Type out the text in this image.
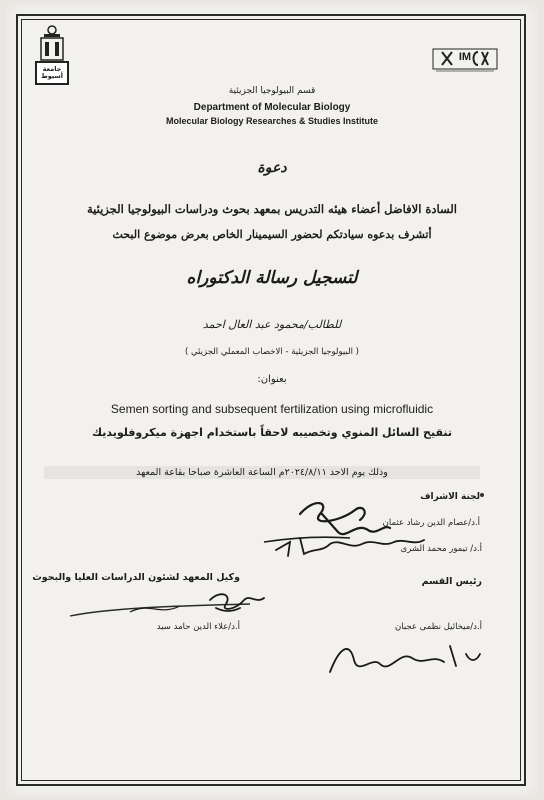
جامعة أسيوط
IM
قسم البيولوجيا الجزيئية
Department of Molecular Biology
Molecular Biology Researches & Studies Institute
دعوة
السادة الافاضل أعضاء هيئه التدريس بمعهد بحوث ودراسات البيولوجيا الجزيئية
أتشرف بدعوه سيادتكم لحضور السيمينار الخاص بعرض موضوع البحث
لتسجيل رسالة الدكتوراه
للطالب/محمود عبد العال احمد
( البيولوجيا الجزيئية - الاخصاب المعملي الجزيئي )
بعنوان:
Semen sorting and subsequent fertilization using microfluidic
تنقيح السائل المنوي وتخصيبه لاحقاً باستخدام اجهزة ميكروفلويديك
وذلك يوم الاحد ٢٠٢٤/٨/١١م الساعة العاشرة صباحا بقاعة المعهد
لجنة الاشراف
أ.د/عصام الدين رشاد عثمان
أ.د/ تيمور محمد الشرى
رئيس القسم
وكيل المعهد لشئون الدراسات العليا والبحوث
أ.د/علاء الدين حامد سيد	أ.د/ميخائيل نظمى عجبان
